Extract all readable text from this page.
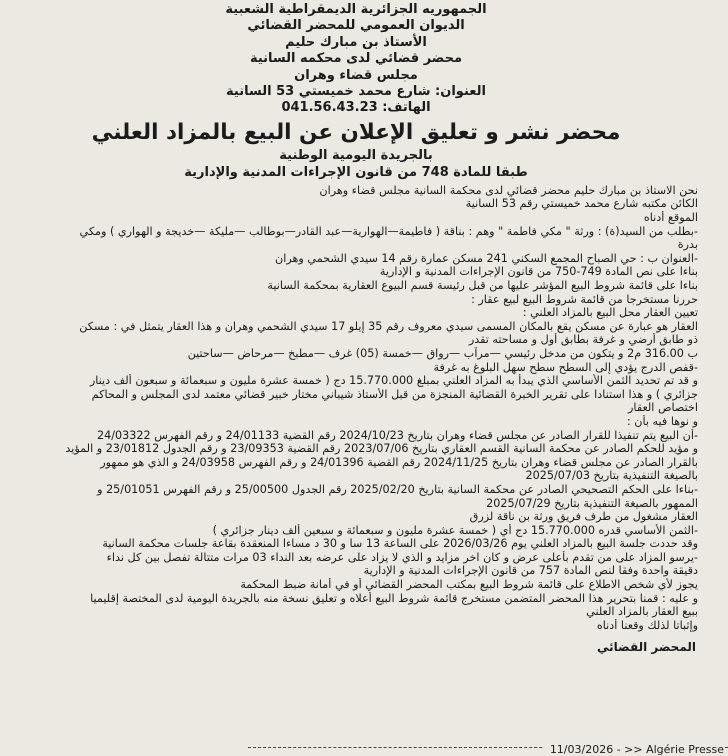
الجمهوريه الجزائرية الديمقراطية الشعبية
الديوان العمومي للمحضر القضائي
الأستاذ بن مبارك حليم
محضر قضائي لدى محكمه السانية
مجلس قضاء وهران
العنوان: شارع محمد خميستي 53 السانية
الهاتف: 041.56.43.23
محضر نشر و تعليق الإعلان عن البيع بالمزاد العلني
بالجريدة اليومية الوطنية
طبقا للمادة 748 من قانون الإجراءات المدنية والإدارية
نحن الاستاذ بن مبارك حليم محضر قضائي لدى محكمة السانية مجلس قضاء وهران
الكائن مكتبه شارع محمد خميستي رقم 53 السانية
الموقع أدناه
-بطلب من السيد(ة) : ورثة " مكي فاطمة " وهم : بناقة ( فاطيمة—الهوارية—عبد القادر—بوطالب —مليكة —خديجة و الهواري ) ومكي
بدرة
-العنوان ب : حي الصباح المجمع السكني 241 مسكن عمارة رقم 14 سيدي الشحمي وهران
بناءا على نص المادة 749-750 من قانون الإجراءات المدنية و الإدارية
بناءا على قائمة شروط البيع المؤشر عليها من قبل رئيسة قسم البيوع العقارية بمحكمة السانية
حررنا مستخرجا من قائمة شروط البيع لبيع عقار :
تعيين العقار محل البيع بالمزاد العلني :
العقار هو عبارة عن مسكن يقع بالمكان المسمى سيدي معروف رقم 35 إيلو 17 سيدي الشحمي وهران و هذا العقار يتمثل في : مسكن
ذو طابق أرضي و غرفة بطابق أول و مساحته تقدر
ب 316.00 م2 و يتكون من مدخل رئيسي —مرآب —رواق —خمسة (05) غرف —مطبخ —مرحاض —ساحتين
-قفص الدرج يؤدي إلى السطح سطح سهل البلوغ به غرفة
و قد تم تحديد الثمن الأساسي الذي يبدأ به المزاد العلني بمبلغ 15.770.000 دج ( خمسة عشرة مليون و سبعمائة و سبعون ألف دينار
جزائري ) و هذا استنادا على تقرير الخبرة القضائية المنجزة من قبل الأستاذ شيباني مختار خبير قضائي معتمد لدى المجلس و المحاكم
اختصاص العقار
و نوها فيه بأن :
-أن البيع يتم تنفيذا للقرار الصادر عن مجلس قضاء وهران بتاريخ 2024/10/23 رقم القضية 24/01133 و رقم الفهرس 24/03322
و مؤيد للحكم الصادر عن محكمة السانية القسم العقاري بتاريخ 2023/07/06 رقم القضية 23/09353 و رقم الجدول 23/01812 و المؤيد
بالقرار الصادر عن مجلس قضاء وهران بتاريخ 2024/11/25 رقم القضية 24/01396 و رقم الفهرس 24/03958 و الذي هو ممهور
بالصيغة التنفيذية بتاريخ 2025/07/03
-بناءا على الحكم التصحيحي الصادر عن محكمة السانية بتاريخ 2025/02/20 رقم الجدول 25/00500 و رقم الفهرس 25/01051 و
الممهور بالصيغة التنفيذية بتاريخ 2025/07/29
العقار مشغول من طرف فريق ورثة بن ناقة لزرق
-الثمن الأساسي قدره 15.770.000 دج أي ( خمسة عشرة مليون و سبعمائة و سبعين ألف دينار جزائري )
وقد حددت جلسة البيع بالمزاد العلني يوم 2026/03/26 على الساعة 13 سا و 30 د مساءا المنعقدة بقاعة جلسات محكمة السانية
-يرسو المزاد على من تقدم بأعلى عرض و كان اخر مزايد و الذي لا يزاد على عرضه بعد النداء 03 مرات متتالة تفصل بين كل نداء
دقيقة واحدة وفقا لنص المادة 757 من قانون الإجراءات المدنية و الإدارية
يجوز لأي شخص الاطلاع على قائمة شروط البيع بمكتب المحضر القضائي أو في أمانة ضبط المحكمة
و عليه : قمنا بتحرير هذا المحضر المتضمن مستخرج قائمة شروط البيع أعلاه و تعليق نسخة منه بالجريدة اليومية لدى المختصة إقليميا
ببيع العقار بالمزاد العلني
وإثباتا لذلك وقعنا أدناه
المحضر القضائي
11/03/2026 - >> Algérie Presse
